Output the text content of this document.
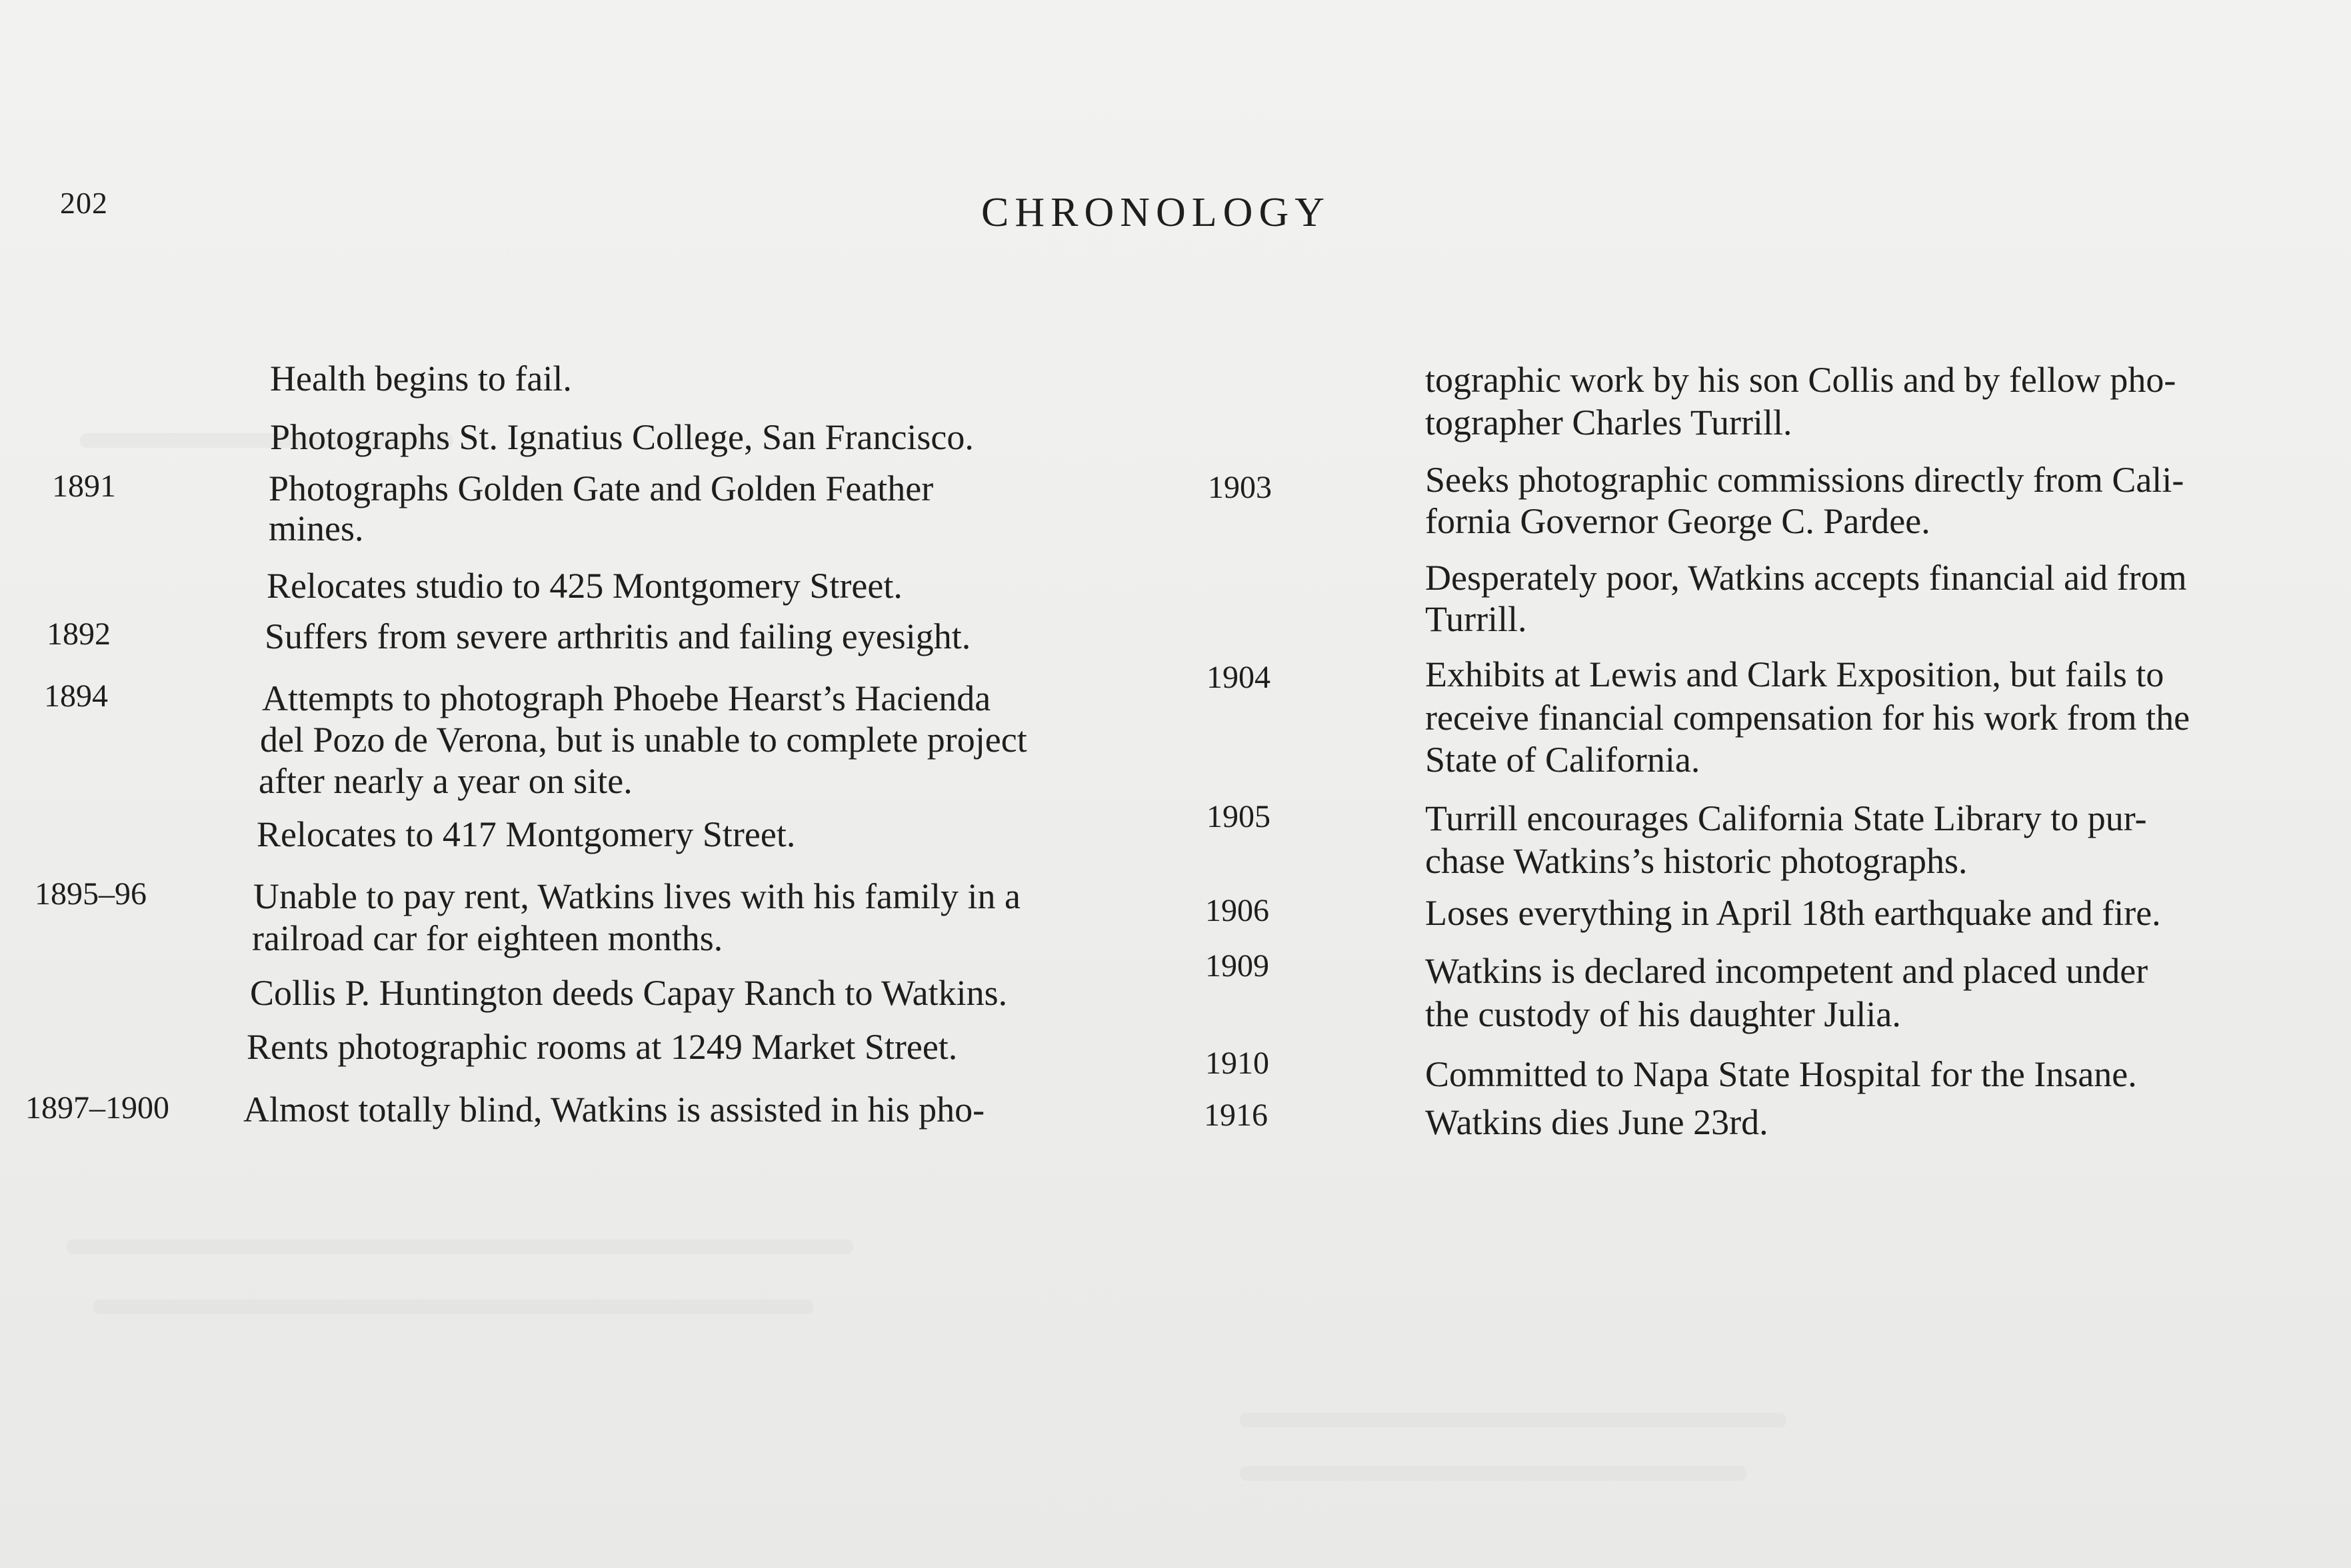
202	CHRONOLOGY
Health begins to fail.
Photographs St. Ignatius College, San Francisco.
1891	Photographs Golden Gate and Golden Feather
mines.
Relocates studio to 425 Montgomery Street.
1892	Suffers from severe arthritis and failing eyesight.
1894	Attempts to photograph Phoebe Hearst’s Hacienda
del Pozo de Verona, but is unable to complete project
after nearly a year on site.
Relocates to 417 Montgomery Street.
1895–96	Unable to pay rent, Watkins lives with his family in a
railroad car for eighteen months.
Collis P. Huntington deeds Capay Ranch to Watkins.
Rents photographic rooms at 1249 Market Street.
1897–1900 Almost totally blind, Watkins is assisted in his pho-
tographic work by his son Collis and by fellow pho-
tographer Charles Turrill.
1903	Seeks photographic commissions directly from Cali-
fornia Governor George C. Pardee.
Desperately poor, Watkins accepts financial aid from
Turrill.
1904	Exhibits at Lewis and Clark Exposition, but fails to
receive financial compensation for his work from the
State of California.
1905	Turrill encourages California State Library to pur-
chase Watkins’s historic photographs.
1906	Loses everything in April 18th earthquake and fire.
1909	Watkins is declared incompetent and placed under
the custody of his daughter Julia.
1910	Committed to Napa State Hospital for the Insane.
1916	Watkins dies June 23rd.
